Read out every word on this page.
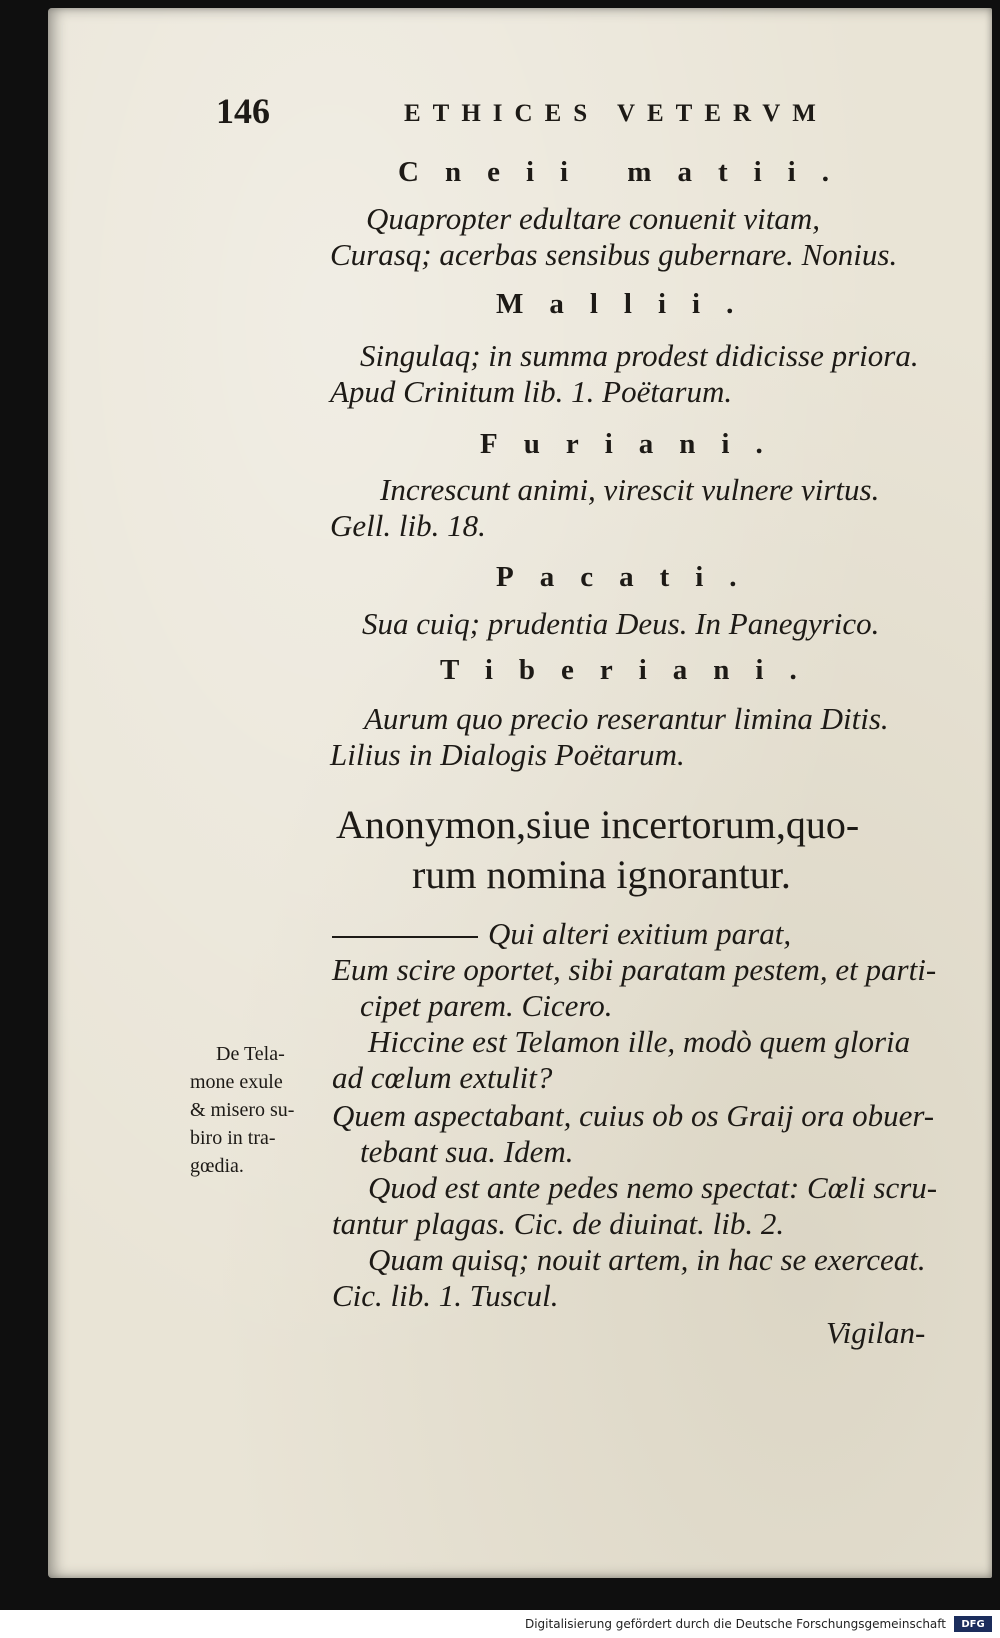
146	ETHICES VETERVM
Cneii matii.
Quapropter edultare conuenit vitam,
Curasq; acerbas sensibus gubernare. Nonius.
Mallii.
Singulaq; in summa prodest didicisse priora.
Apud Crinitum lib. 1. Poëtarum.
Furiani.
Increscunt animi, virescit vulnere virtus.
Gell. lib. 18.
Pacati.
Sua cuiq; prudentia Deus. In Panegyrico.
Tiberiani.
Aurum quo precio reserantur limina Ditis.
Lilius in Dialogis Poëtarum.
Anonymon,siue incertorum,quo-
rum nomina ignorantur.
Qui alteri exitium parat,
Eum scire oportet, sibi paratam pestem, et parti-
cipet parem. Cicero.
Hiccine est Telamon ille, modò quem gloria
ad cœlum extulit?
Quem aspectabant, cuius ob os Graij ora obuer-
tebant sua. Idem.
Quod est ante pedes nemo spectat: Cœli scru-
tantur plagas. Cic. de diuinat. lib. 2.
Quam quisq; nouit artem, in hac se exerceat.
Cic. lib. 1. Tuscul.
Vigilan-
De Tela-
mone exule
& misero su-
biro in tra-
gœdia.
Digitalisierung gefördert durch die Deutsche Forschungsgemeinschaft	DFG
